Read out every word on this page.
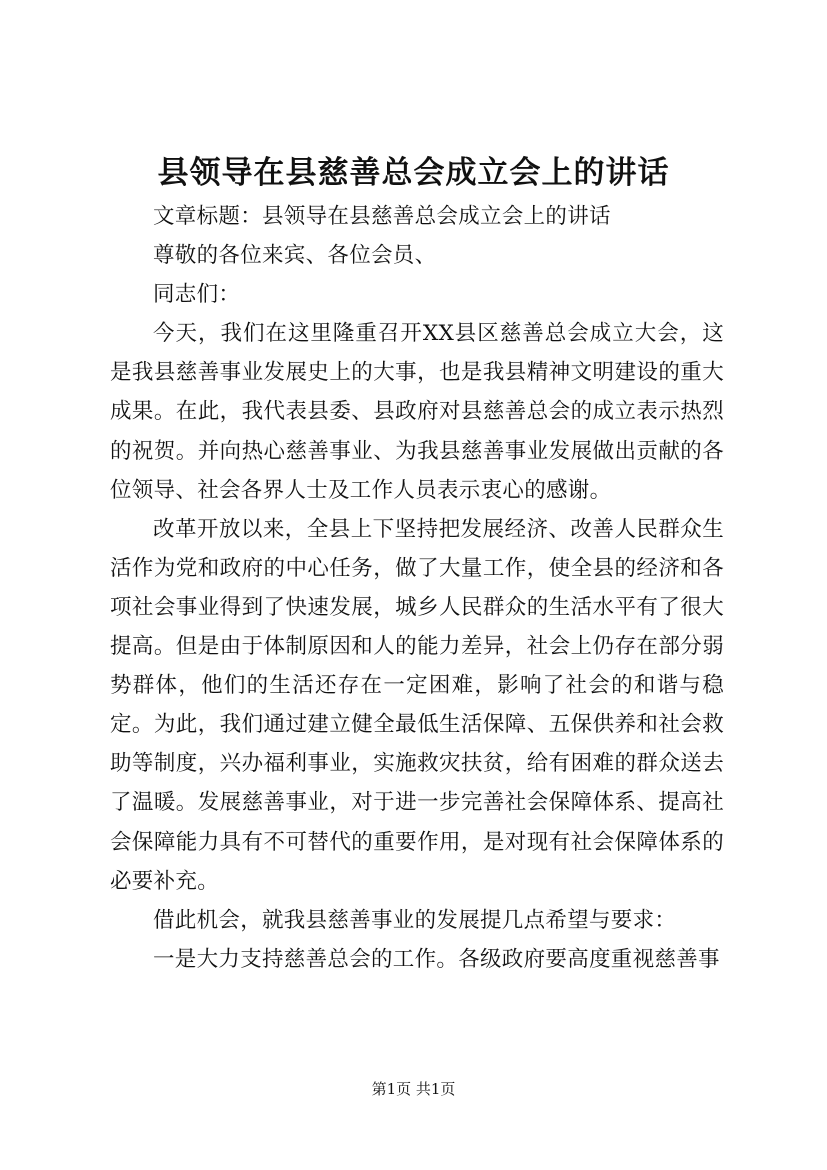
县领导在县慈善总会成立会上的讲话

文章标题：县领导在县慈善总会成立会上的讲话

尊敬的各位来宾、各位会员、

同志们：

今天，我们在这里隆重召开XX县区慈善总会成立大会，这是我县慈善事业发展史上的大事，也是我县精神文明建设的重大成果。在此，我代表县委、县政府对县慈善总会的成立表示热烈的祝贺。并向热心慈善事业、为我县慈善事业发展做出贡献的各位领导、社会各界人士及工作人员表示衷心的感谢。

改革开放以来，全县上下坚持把发展经济、改善人民群众生活作为党和政府的中心任务，做了大量工作，使全县的经济和各项社会事业得到了快速发展，城乡人民群众的生活水平有了很大提高。但是由于体制原因和人的能力差异，社会上仍存在部分弱势群体，他们的生活还存在一定困难，影响了社会的和谐与稳定。为此，我们通过建立健全最低生活保障、五保供养和社会救助等制度，兴办福利事业，实施救灾扶贫，给有困难的群众送去了温暖。发展慈善事业，对于进一步完善社会保障体系、提高社会保障能力具有不可替代的重要作用，是对现有社会保障体系的必要补充。

借此机会，就我县慈善事业的发展提几点希望与要求：

一是大力支持慈善总会的工作。各级政府要高度重视慈善事

第1页 共1页
